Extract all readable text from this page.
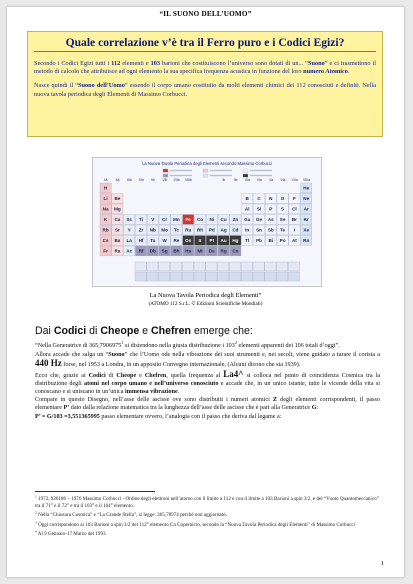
“IL SUONO DELL’UOMO”
Quale correlazione v’è tra il Ferro puro e i Codici Egizi?

Secondo i Codici Egizi tutti i 112 elementi e 103 barioni che costituiscono l’universo sono dotati di un... “Suono” e ci trasmettono il metodo di calcolo che attribuisce ad ogni elemento la sua specifica frequenza acustica in funzione del loro numero Atomico.

Nasce quindi il “Suono dell’Uomo” essendo il corpo umano costituito da molti elementi chimici dei 112 conosciuti e definiti. Nella nuova tavola periodica degli Elementi di Massimo Corbucci.

La Nuova Tavola Periodica degli Elementi secondo Massimo Corbucci
IA IIA IIIb IVb Vb VIb VIIb VIIIb	Ib IIb IIIa IVa Va VIa VIIa VIIIa
H	He
Li Be	B C N O F Ne
Na Mg	Al Si P S Cl Ar
K Ca Sc Ti V Cr Mn Fe Co Ni Cu Zn Ga Ge As Se Br Kr
Rb Sr Y Zr Nb Mo Tc Ru Rh Pd Ag Cd In Sn Sb Te I Xe
Cs Ba La Hf Ta W Re Os Ir Pt Au Hg Tl Pb Bi Po At Rn
Fr Ra Ac Rf Db Sg Bh Hs Mt Ds Rg Cn
La Nuova Tavola Periodica degli Elementi”
(ATOMO 112 S.r.L. © Edizioni Scientifiche Mondiali)
Dai Codici di Cheope e Chefren emerge che:

“Nella Generatrice di 365,7906975$^1$ si distendono nella giusta distribuzione i $103^2$ elementi apparenti dei 106 totali d’oggi”.

Allora accade che salga un “Suono” che l’Uomo ode nella vibrazione dei suoi strumenti e, nei secoli, viene guidato a tarare il corista a 440 Hz forse, nel 1953 a Londra, in un apposito Convegno internazionale, (Alcuni dicono che sia 1939).

Ecco che, grazie ai Codici di Cheope e Chefren, quella frequenza al La4^ si colloca nel punto di coincidenza Cosmica tra la distribuzione degli atomi nel corpo umano e nell’universo conosciuto e accade che, in un unico istante, tutte le vicende della vita si conoscano e si uniscano in un’unica immensa vibrazione.

Compare in questo Disegno, nell’asse delle ascisse ove sono distribuiti i numeri atomici Z degli elementi corrispondenti, il passo elementare P’ dato dalla relazione matematica tra la lunghezza dell’asse delle ascisse che è pari alla Generatrice G:

P’ = G/103 =3,551365995 passo elementare ovvero, l’analogia con il passo che deriva dal legame a:

$^1$ 1972, 920186 – 1976 Massimo Corbucci - Ordine degli elettroni nell’atomo con il limite a 112 e con il limite a 103 Barioni a spin 3/2, e del “Vuoto Quantomeccanico” tra il 71° e il 72° e tra il 103° e il 104° elemento.

$^2$ Nella “Chiusura Cosmica” e “La Grande Stella”, si legge: 365,78974 perché non aggiornato.

$^3$ Oggi corrispondono ai 103 Barioni a spin 3/2 del 112° elemento Cn Copernicio, secondo la “Nuova Tavola Periodica degli Elementi” di Massimo Corbucci

$^4$ Al 9 Gennaio-17 Marzo del 1993.

1
